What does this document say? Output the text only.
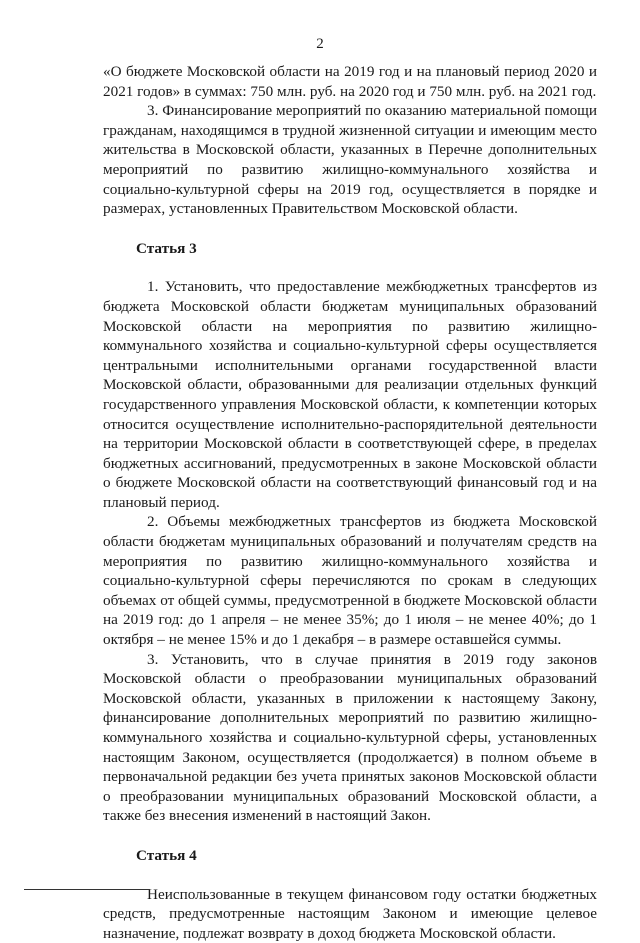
2

«О бюджете Московской области на 2019 год и на плановый период 2020 и 2021 годов» в суммах: 750 млн. руб. на 2020 год и 750 млн. руб. на 2021 год.

3. Финансирование мероприятий по оказанию материальной помощи гражданам, находящимся в трудной жизненной ситуации и имеющим место жительства в Московской области, указанных в Перечне дополнительных мероприятий по развитию жилищно-коммунального хозяйства и социально-культурной сферы на 2019 год, осуществляется в порядке и размерах, установленных Правительством Московской области.

Статья 3

1. Установить, что предоставление межбюджетных трансфертов из бюджета Московской области бюджетам муниципальных образований Московской области на мероприятия по развитию жилищно-коммунального хозяйства и социально-культурной сферы осуществляется центральными исполнительными органами государственной власти Московской области, образованными для реализации отдельных функций государственного управления Московской области, к компетенции которых относится осуществление исполнительно-распорядительной деятельности на территории Московской области в соответствующей сфере, в пределах бюджетных ассигнований, предусмотренных в законе Московской области о бюджете Московской области на соответствующий финансовый год и на плановый период.

2. Объемы межбюджетных трансфертов из бюджета Московской области бюджетам муниципальных образований и получателям средств на мероприятия по развитию жилищно-коммунального хозяйства и социально-культурной сферы перечисляются по срокам в следующих объемах от общей суммы, предусмотренной в бюджете Московской области на 2019 год: до 1 апреля – не менее 35%; до 1 июля – не менее 40%; до 1 октября – не менее 15% и до 1 декабря – в размере оставшейся суммы.

3. Установить, что в случае принятия в 2019 году законов Московской области о преобразовании муниципальных образований Московской области, указанных в приложении к настоящему Закону, финансирование дополнительных мероприятий по развитию жилищно-коммунального хозяйства и социально-культурной сферы, установленных настоящим Законом, осуществляется (продолжается) в полном объеме в первоначальной редакции без учета принятых законов Московской области о преобразовании муниципальных образований Московской области, а также без внесения изменений в настоящий Закон.

Статья 4

Неиспользованные в текущем финансовом году остатки бюджетных средств, предусмотренные настоящим Законом и имеющие целевое назначение, подлежат возврату в доход бюджета Московской области.
